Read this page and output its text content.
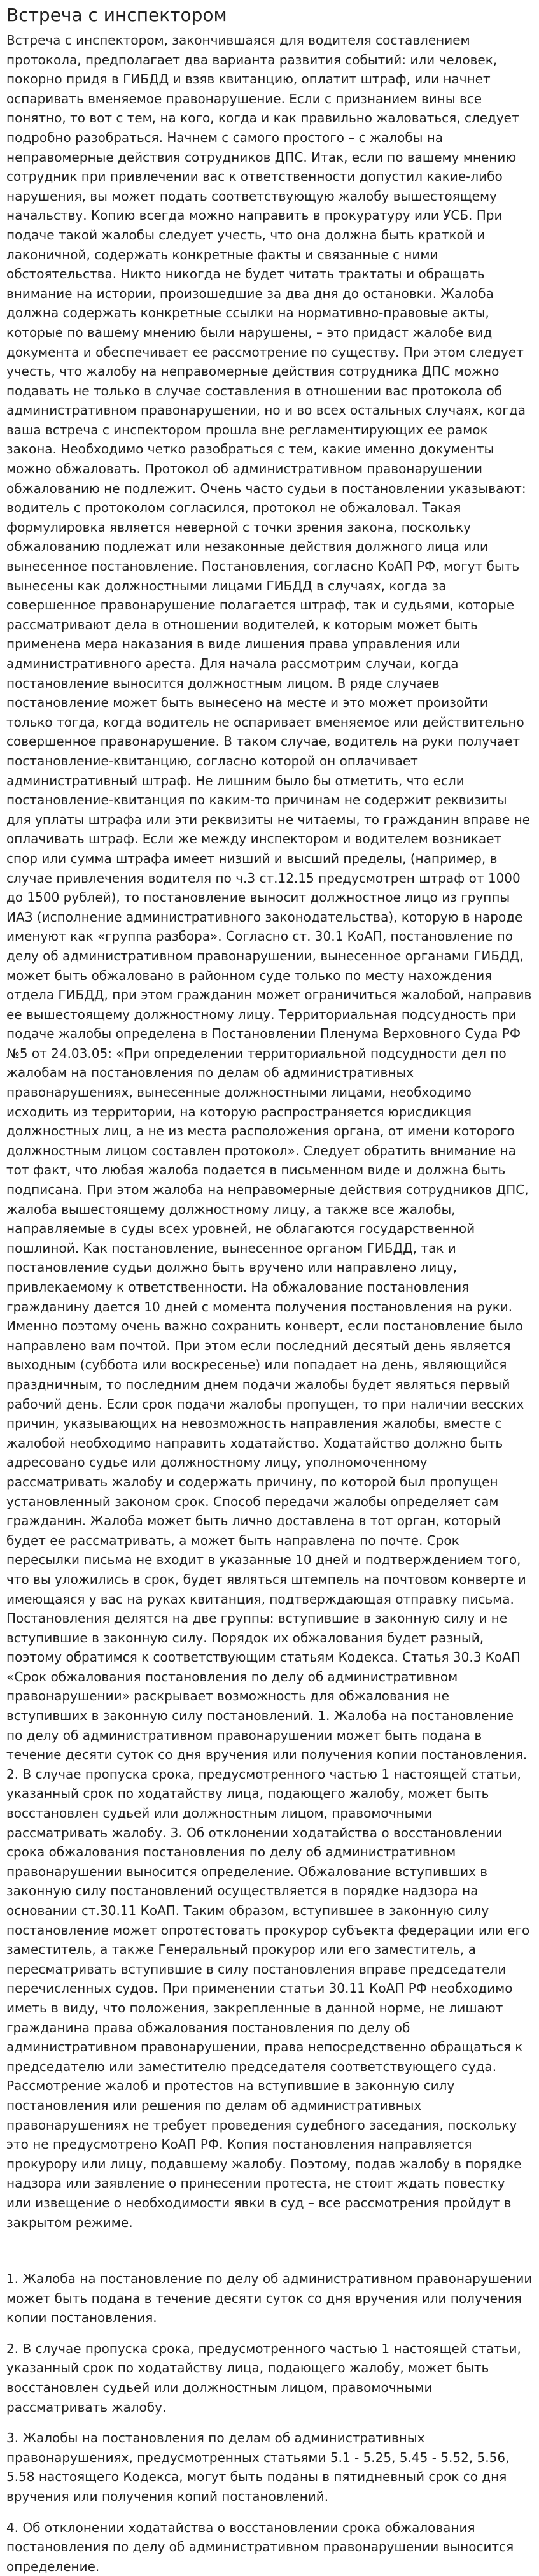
Встреча с инспектором

Встреча с инспектором, закончившаяся для водителя составлением протокола, предполагает два варианта развития событий: или человек, покорно придя в ГИБДД и взяв квитанцию, оплатит штраф, или начнет оспаривать вменяемое правонарушение. Если с признанием вины все понятно, то вот с тем, на кого, когда и как правильно жаловаться, следует подробно разобраться. Начнем с самого простого – с жалобы на неправомерные действия сотрудников ДПС. Итак, если по вашему мнению сотрудник при привлечении вас к ответственности допустил какие-либо нарушения, вы может подать соответствующую жалобу вышестоящему начальству. Копию всегда можно направить в прокуратуру или УСБ. При подаче такой жалобы следует учесть, что она должна быть краткой и лаконичной, содержать конкретные факты и связанные с ними обстоятельства. Никто никогда не будет читать трактаты и обращать внимание на истории, произошедшие за два дня до остановки. Жалоба должна содержать конкретные ссылки на нормативно-правовые акты, которые по вашему мнению были нарушены, – это придаст жалобе вид документа и обеспечивает ее рассмотрение по существу. При этом следует учесть, что жалобу на неправомерные действия сотрудника ДПС можно подавать не только в случае составления в отношении вас протокола об административном правонарушении, но и во всех остальных случаях, когда ваша встреча с инспектором прошла вне регламентирующих ее рамок закона. Необходимо четко разобраться с тем, какие именно документы можно обжаловать. Протокол об административном правонарушении обжалованию не подлежит. Очень часто судьи в постановлении указывают: водитель с протоколом согласился, протокол не обжаловал. Такая формулировка является неверной с точки зрения закона, поскольку обжалованию подлежат или незаконные действия должного лица или вынесенное постановление. Постановления, согласно КоАП РФ, могут быть вынесены как должностными лицами ГИБДД в случаях, когда за совершенное правонарушение полагается штраф, так и судьями, которые рассматривают дела в отношении водителей, к которым может быть применена мера наказания в виде лишения права управления или административного ареста. Для начала рассмотрим случаи, когда постановление выносится должностным лицом. В ряде случаев постановление может быть вынесено на месте и это может произойти только тогда, когда водитель не оспаривает вменяемое или действительно совершенное правонарушение. В таком случае, водитель на руки получает постановление-квитанцию, согласно которой он оплачивает административный штраф. Не лишним было бы отметить, что если постановление-квитанция по каким-то причинам не содержит реквизиты для уплаты штрафа или эти реквизиты не читаемы, то гражданин вправе не оплачивать штраф. Если же между инспектором и водителем возникает спор или сумма штрафа имеет низший и высший пределы, (например, в случае привлечения водителя по ч.3 ст.12.15 предусмотрен штраф от 1000 до 1500 рублей), то постановление выносит должностное лицо из группы ИАЗ (исполнение административного законодательства), которую в народе именуют как «группа разбора». Согласно ст. 30.1 КоАП, постановление по делу об административном правонарушении, вынесенное органами ГИБДД, может быть обжаловано в районном суде только по месту нахождения отдела ГИБДД, при этом гражданин может ограничиться жалобой, направив ее вышестоящему должностному лицу. Территориальная подсудность при подаче жалобы определена в Постановлении Пленума Верховного Суда РФ №5 от 24.03.05: «При определении территориальной подсудности дел по жалобам на постановления по делам об административных правонарушениях, вынесенные должностными лицами, необходимо исходить из территории, на которую распространяется юрисдикция должностных лиц, а не из места расположения органа, от имени которого должностным лицом составлен протокол». Следует обратить внимание на тот факт, что любая жалоба подается в письменном виде и должна быть подписана. При этом жалоба на неправомерные действия сотрудников ДПС, жалоба вышестоящему должностному лицу, а также все жалобы, направляемые в суды всех уровней, не облагаются государственной пошлиной. Как постановление, вынесенное органом ГИБДД, так и постановление судьи должно быть вручено или направлено лицу, привлекаемому к ответственности. На обжалование постановления гражданину дается 10 дней с момента получения постановления на руки. Именно поэтому очень важно сохранить конверт, если постановление было направлено вам почтой. При этом если последний десятый день является выходным (суббота или воскресенье) или попадает на день, являющийся праздничным, то последним днем подачи жалобы будет являться первый рабочий день. Если срок подачи жалобы пропущен, то при наличии весских причин, указывающих на невозможность направления жалобы, вместе с жалобой необходимо направить ходатайство. Ходатайство должно быть адресовано судье или должностному лицу, уполномоченному рассматривать жалобу и содержать причину, по которой был пропущен установленный законом срок. Способ передачи жалобы определяет сам гражданин. Жалоба может быть лично доставлена в тот орган, который будет ее рассматривать, а может быть направлена по почте. Срок пересылки письма не входит в указанные 10 дней и подтверждением того, что вы уложились в срок, будет являться штемпель на почтовом конверте и имеющаяся у вас на руках квитанция, подтверждающая отправку письма. Постановления делятся на две группы: вступившие в законную силу и не вступившие в законную силу. Порядок их обжалования будет разный, поэтому обратимся к соответствующим статьям Кодекса. Статья 30.3 КоАП «Срок обжалования постановления по делу об административном правонарушении» раскрывает возможность для обжалования не вступивших в законную силу постановлений. 1. Жалоба на постановление по делу об административном правонарушении может быть подана в течение десяти суток со дня вручения или получения копии постановления. 2. В случае пропуска срока, предусмотренного частью 1 настоящей статьи, указанный срок по ходатайству лица, подающего жалобу, может быть восстановлен судьей или должностным лицом, правомочными рассматривать жалобу. 3. Об отклонении ходатайства о восстановлении срока обжалования постановления по делу об административном правонарушении выносится определение. Обжалование вступивших в законную силу постановлений осуществляется в порядке надзора на основании ст.30.11 КоАП. Таким образом, вступившее в законную силу постановление может опротестовать прокурор субъекта федерации или его заместитель, а также Генеральный прокурор или его заместитель, а пересматривать вступившие в силу постановления вправе председатели перечисленных судов. При применении статьи 30.11 КоАП РФ необходимо иметь в виду, что положения, закрепленные в данной норме, не лишают гражданина права обжалования постановления по делу об административном правонарушении, права непосредственно обращаться к председателю или заместителю председателя соответствующего суда. Рассмотрение жалоб и протестов на вступившие в законную силу постановления или решения по делам об административных правонарушениях не требует проведения судебного заседания, поскольку это не предусмотрено КоАП РФ. Копия постановления направляется прокурору или лицу, подавшему жалобу. Поэтому, подав жалобу в порядке надзора или заявление о принесении протеста, не стоит ждать повестку или извещение о необходимости явки в суд – все рассмотрения пройдут в закрытом режиме.

1. Жалоба на постановление по делу об административном правонарушении может быть подана в течение десяти суток со дня вручения или получения копии постановления.
2. В случае пропуска срока, предусмотренного частью 1 настоящей статьи, указанный срок по ходатайству лица, подающего жалобу, может быть восстановлен судьей или должностным лицом, правомочными рассматривать жалобу.
3. Жалобы на постановления по делам об административных правонарушениях, предусмотренных статьями 5.1 - 5.25, 5.45 - 5.52, 5.56, 5.58 настоящего Кодекса, могут быть поданы в пятидневный срок со дня вручения или получения копий постановлений.
4. Об отклонении ходатайства о восстановлении срока обжалования постановления по делу об административном правонарушении выносится определение.
